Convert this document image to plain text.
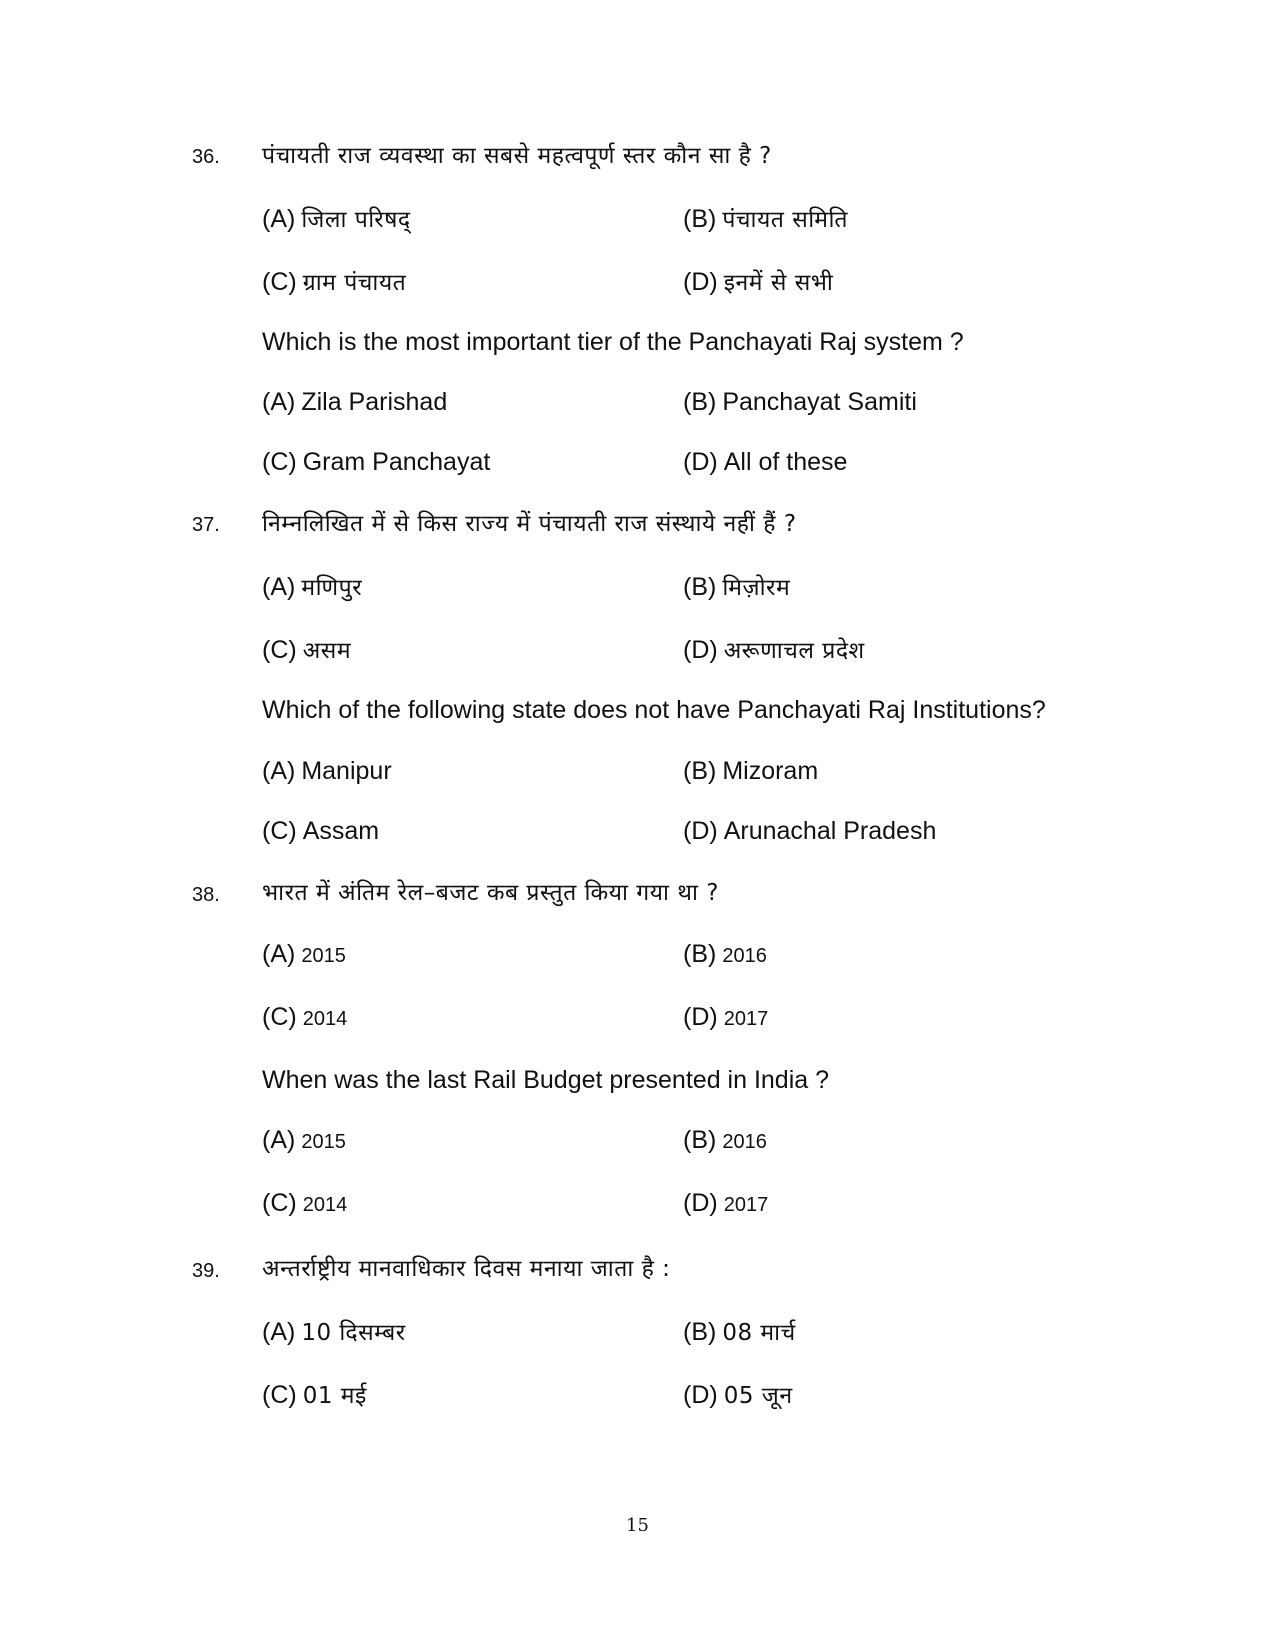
36. पंचायती राज व्यवस्था का सबसे महत्वपूर्ण स्तर कौन सा है ?
(A) जिला परिषद्	(B) पंचायत समिति
(C) ग्राम पंचायत	(D) इनमें से सभी
Which is the most important tier of the Panchayati Raj system ?
(A) Zila Parishad	(B) Panchayat Samiti
(C) Gram Panchayat	(D) All of these
37. निम्नलिखित में से किस राज्य में पंचायती राज संस्थाये नहीं हैं ?
(A) मणिपुर	(B) मिज़ोरम
(C) असम	(D) अरूणाचल प्रदेश
Which of the following state does not have Panchayati Raj Institutions?
(A) Manipur	(B) Mizoram
(C) Assam	(D) Arunachal Pradesh
38. भारत में अंतिम रेल–बजट कब प्रस्तुत किया गया था ?
(A) 2015	(B) 2016
(C) 2014	(D) 2017
When was the last Rail Budget presented in India ?
(A) 2015	(B) 2016
(C) 2014	(D) 2017
39. अन्तर्राष्ट्रीय मानवाधिकार दिवस मनाया जाता है :
(A) 10 दिसम्बर	(B) 08 मार्च
(C) 01 मई	(D) 05 जून
15
